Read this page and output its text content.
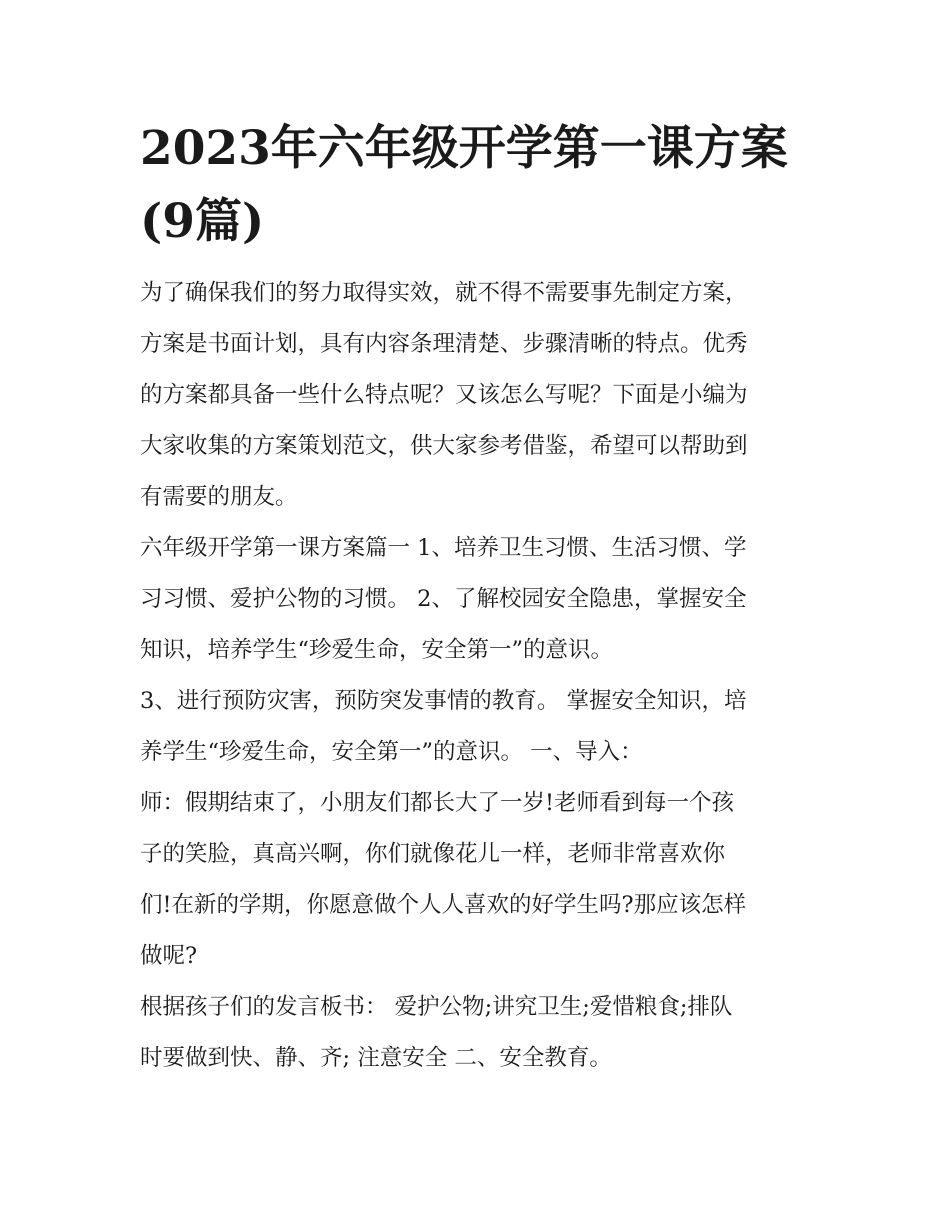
2023年六年级开学第一课方案
(9篇)

为了确保我们的努力取得实效，就不得不需要事先制定方案，
方案是书面计划，具有内容条理清楚、步骤清晰的特点。优秀
的方案都具备一些什么特点呢？又该怎么写呢？下面是小编为
大家收集的方案策划范文，供大家参考借鉴，希望可以帮助到
有需要的朋友。

六年级开学第一课方案篇一 1、培养卫生习惯、生活习惯、学
习习惯、爱护公物的习惯。 2、了解校园安全隐患，掌握安全
知识，培养学生“珍爱生命，安全第一”的意识。

3、进行预防灾害，预防突发事情的教育。 掌握安全知识，培
养学生“珍爱生命，安全第一”的意识。 一、导入：

师：假期结束了，小朋友们都长大了一岁!老师看到每一个孩
子的笑脸，真高兴啊，你们就像花儿一样，老师非常喜欢你
们!在新的学期，你愿意做个人人喜欢的好学生吗?那应该怎样
做呢?

根据孩子们的发言板书： 爱护公物;讲究卫生;爱惜粮食;排队
时要做到快、静、齐; 注意安全 二、安全教育。
